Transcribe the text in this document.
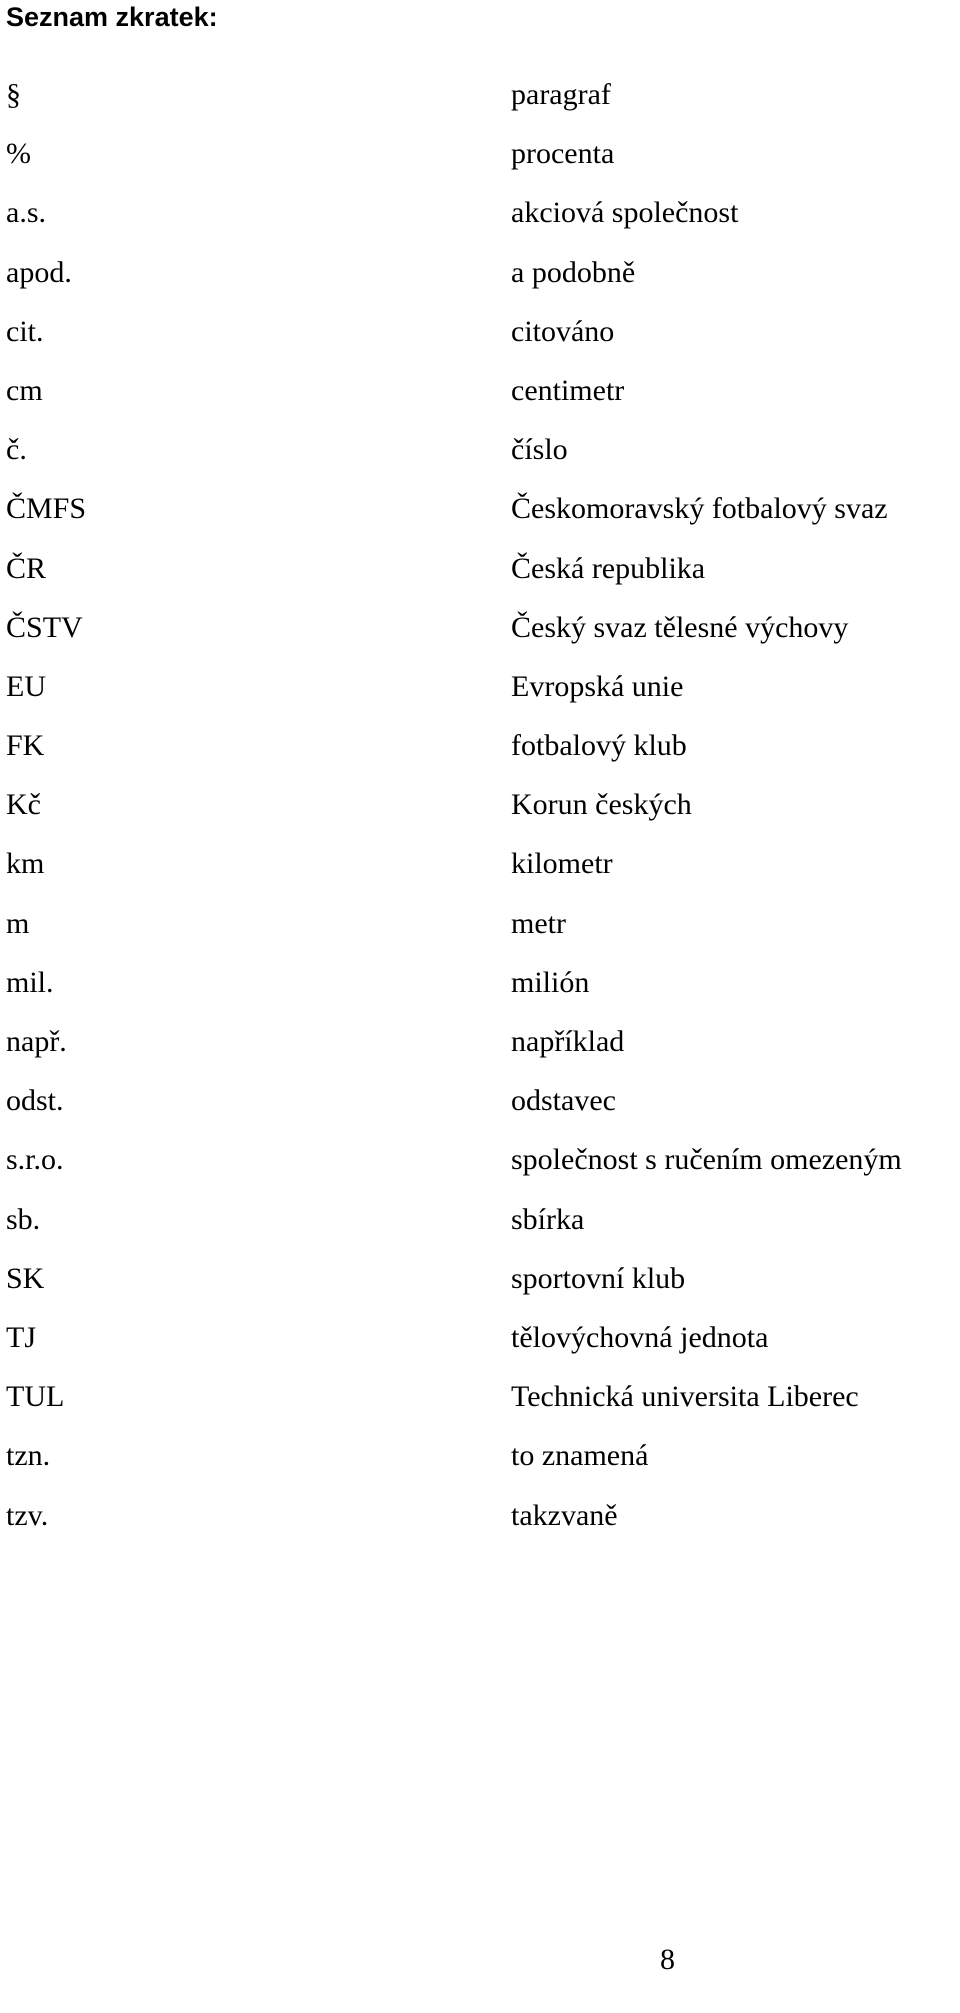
Seznam zkratek:
§	paragraf
%	procenta
a.s.	akciová společnost
apod.	a podobně
cit.	citováno
cm	centimetr
č.	číslo
ČMFS	Českomoravský fotbalový svaz
ČR	Česká republika
ČSTV	Český svaz tělesné výchovy
EU	Evropská unie
FK	fotbalový klub
Kč	Korun českých
km	kilometr
m	metr
mil.	milión
např.	například
odst.	odstavec
s.r.o.	společnost s ručením omezeným
sb.	sbírka
SK	sportovní klub
TJ	tělovýchovná jednota
TUL	Technická universita Liberec
tzn.	to znamená
tzv.	takzvaně
8
